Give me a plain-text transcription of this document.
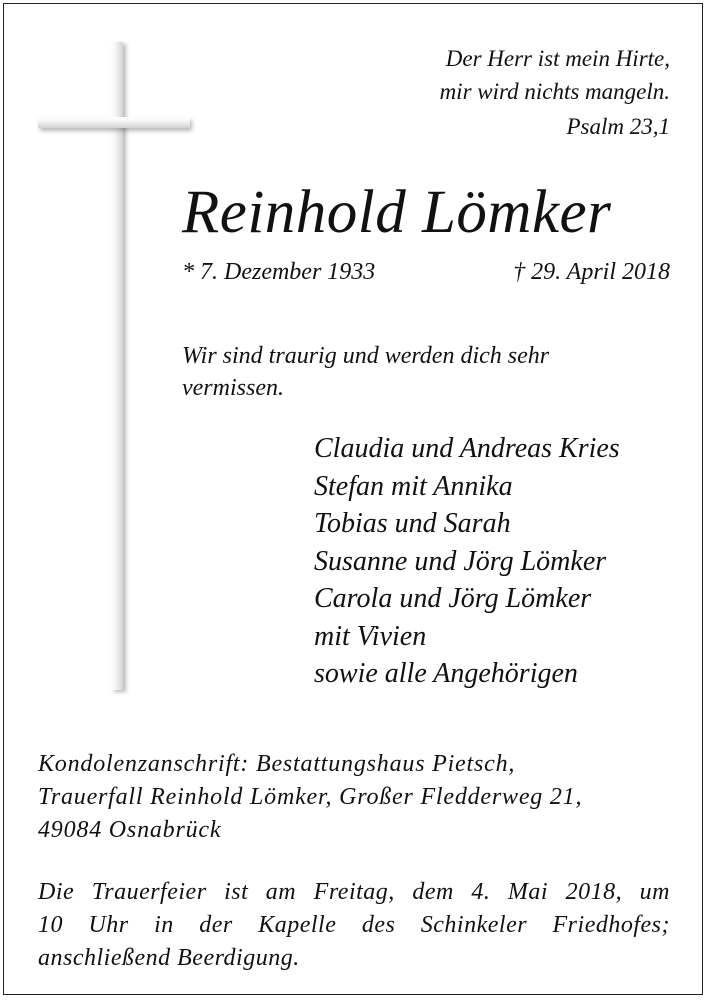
Der Herr ist mein Hirte,
mir wird nichts mangeln.
Psalm 23,1
Reinhold Lömker
* 7. Dezember 1933	† 29. April 2018
Wir sind traurig und werden dich sehr vermissen.
Claudia und Andreas Kries
Stefan mit Annika
Tobias und Sarah
Susanne und Jörg Lömker
Carola und Jörg Lömker
mit Vivien
sowie alle Angehörigen
Kondolenzanschrift: Bestattungshaus Pietsch,
Trauerfall Reinhold Lömker, Großer Fledderweg 21,
49084 Osnabrück
Die Trauerfeier ist am Freitag, dem 4. Mai 2018, um
10 Uhr in der Kapelle des Schinkeler Friedhofes;
anschließend Beerdigung.
